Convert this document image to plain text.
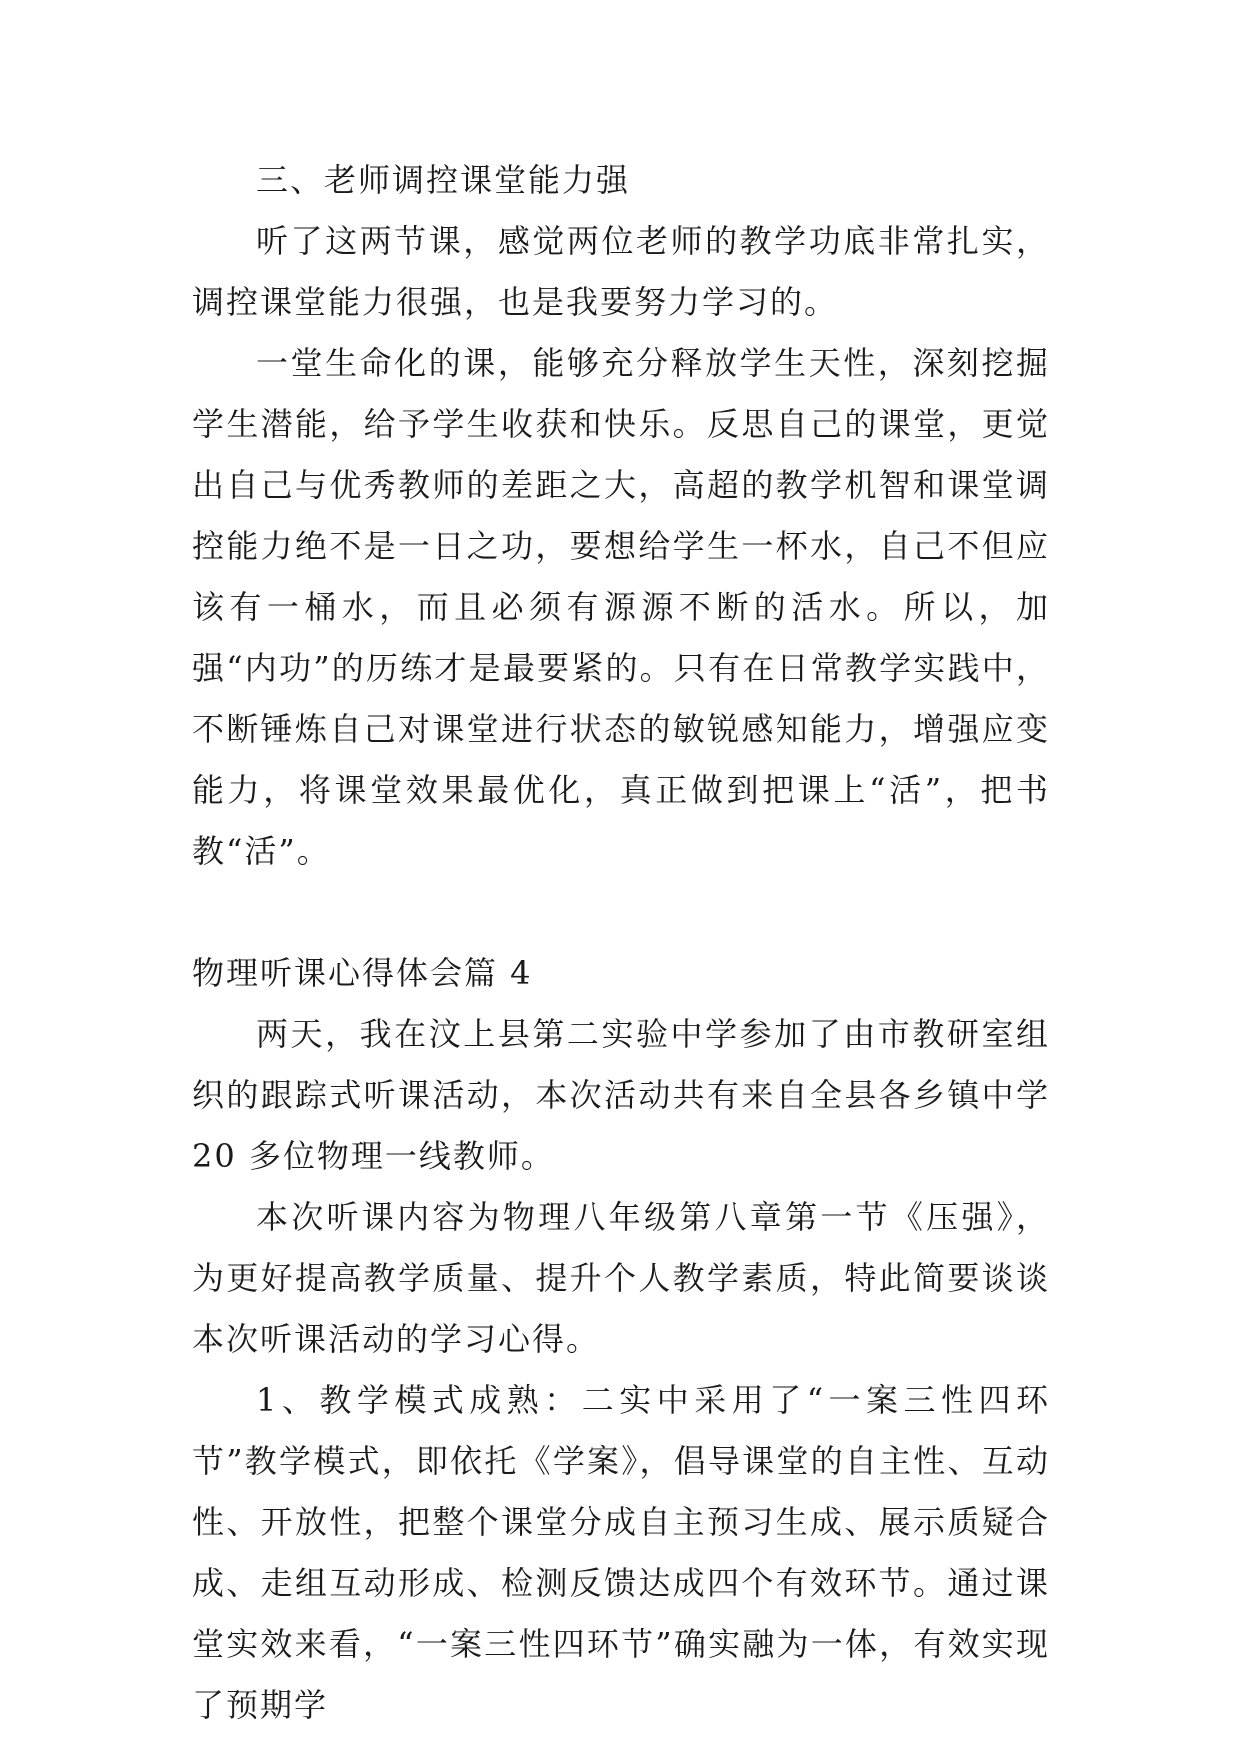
三、老师调控课堂能力强

听了这两节课，感觉两位老师的教学功底非常扎实，调控课堂能力很强，也是我要努力学习的。

一堂生命化的课，能够充分释放学生天性，深刻挖掘学生潜能，给予学生收获和快乐。反思自己的课堂，更觉出自己与优秀教师的差距之大，高超的教学机智和课堂调控能力绝不是一日之功，要想给学生一杯水，自己不但应该有一桶水，而且必须有源源不断的活水。所以，加强“内功”的历练才是最要紧的。只有在日常教学实践中，不断锤炼自己对课堂进行状态的敏锐感知能力，增强应变能力，将课堂效果最优化，真正做到把课上“活”，把书教“活”。

物理听课心得体会篇 4

两天，我在汶上县第二实验中学参加了由市教研室组织的跟踪式听课活动，本次活动共有来自全县各乡镇中学 20 多位物理一线教师。

本次听课内容为物理八年级第八章第一节《压强》，为更好提高教学质量、提升个人教学素质，特此简要谈谈本次听课活动的学习心得。

1、教学模式成熟：二实中采用了“一案三性四环节”教学模式，即依托《学案》，倡导课堂的自主性、互动性、开放性，把整个课堂分成自主预习生成、展示质疑合成、走组互动形成、检测反馈达成四个有效环节。通过课堂实效来看，“一案三性四环节”确实融为一体，有效实现了预期学
